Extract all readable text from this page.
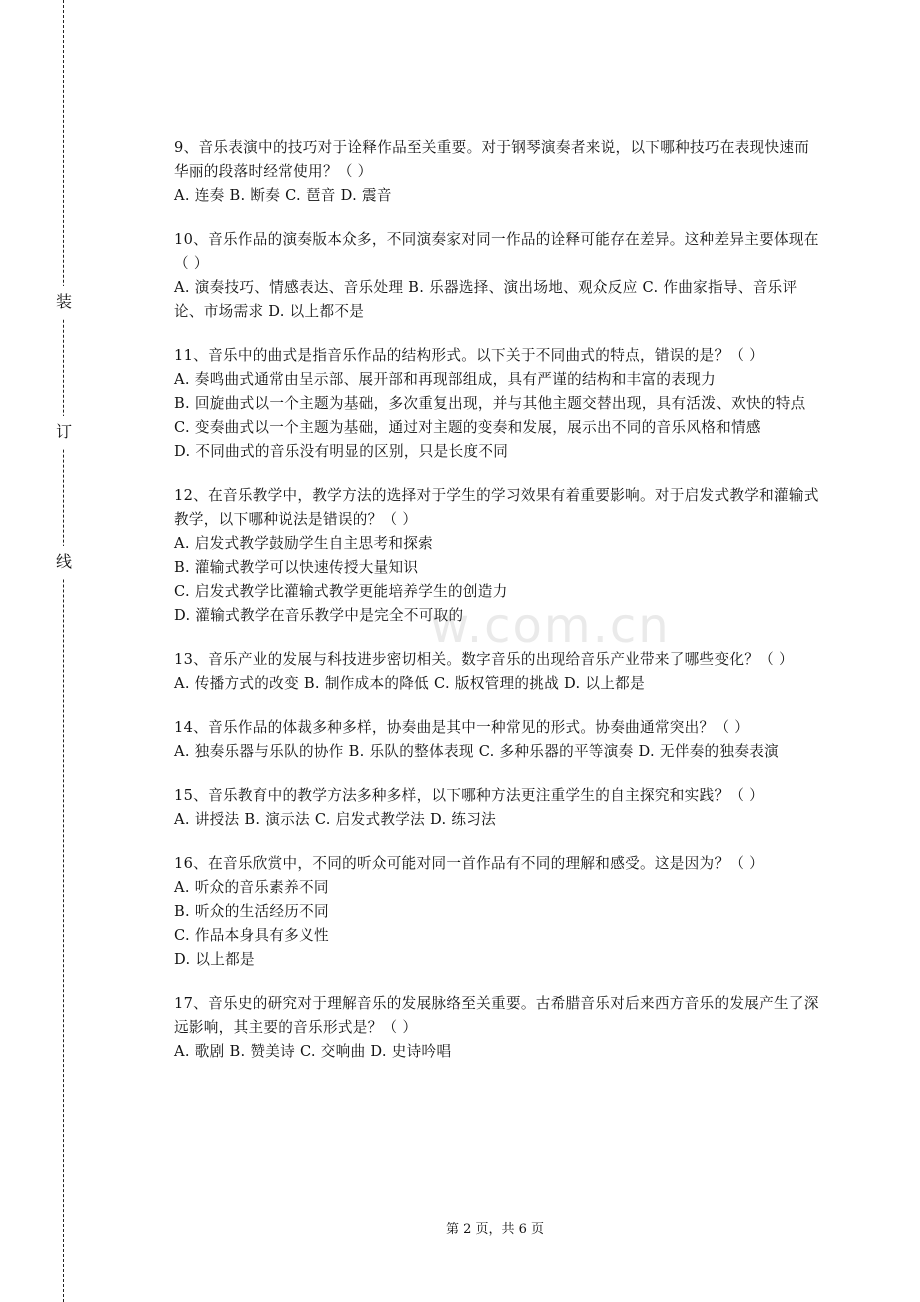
装
订
线
w.com.cn

9、音乐表演中的技巧对于诠释作品至关重要。对于钢琴演奏者来说，以下哪种技巧在表现快速而华丽的段落时经常使用？（ ）

A. 连奏 B. 断奏 C. 琶音 D. 震音

10、音乐作品的演奏版本众多，不同演奏家对同一作品的诠释可能存在差异。这种差异主要体现在（ ）

A. 演奏技巧、情感表达、音乐处理 B. 乐器选择、演出场地、观众反应 C. 作曲家指导、音乐评论、市场需求 D. 以上都不是

11、音乐中的曲式是指音乐作品的结构形式。以下关于不同曲式的特点，错误的是？（ ）

A. 奏鸣曲式通常由呈示部、展开部和再现部组成，具有严谨的结构和丰富的表现力

B. 回旋曲式以一个主题为基础，多次重复出现，并与其他主题交替出现，具有活泼、欢快的特点

C. 变奏曲式以一个主题为基础，通过对主题的变奏和发展，展示出不同的音乐风格和情感

D. 不同曲式的音乐没有明显的区别，只是长度不同

12、在音乐教学中，教学方法的选择对于学生的学习效果有着重要影响。对于启发式教学和灌输式教学，以下哪种说法是错误的？（ ）

A. 启发式教学鼓励学生自主思考和探索

B. 灌输式教学可以快速传授大量知识

C. 启发式教学比灌输式教学更能培养学生的创造力

D. 灌输式教学在音乐教学中是完全不可取的

13、音乐产业的发展与科技进步密切相关。数字音乐的出现给音乐产业带来了哪些变化？（ ）

A. 传播方式的改变 B. 制作成本的降低 C. 版权管理的挑战 D. 以上都是

14、音乐作品的体裁多种多样，协奏曲是其中一种常见的形式。协奏曲通常突出？（ ）

A. 独奏乐器与乐队的协作 B. 乐队的整体表现 C. 多种乐器的平等演奏 D. 无伴奏的独奏表演

15、音乐教育中的教学方法多种多样，以下哪种方法更注重学生的自主探究和实践？（ ）

A. 讲授法 B. 演示法 C. 启发式教学法 D. 练习法

16、在音乐欣赏中，不同的听众可能对同一首作品有不同的理解和感受。这是因为？（ ）

A. 听众的音乐素养不同

B. 听众的生活经历不同

C. 作品本身具有多义性

D. 以上都是

17、音乐史的研究对于理解音乐的发展脉络至关重要。古希腊音乐对后来西方音乐的发展产生了深远影响，其主要的音乐形式是？（ ）

A. 歌剧 B. 赞美诗 C. 交响曲 D. 史诗吟唱

第 2 页，共 6 页
